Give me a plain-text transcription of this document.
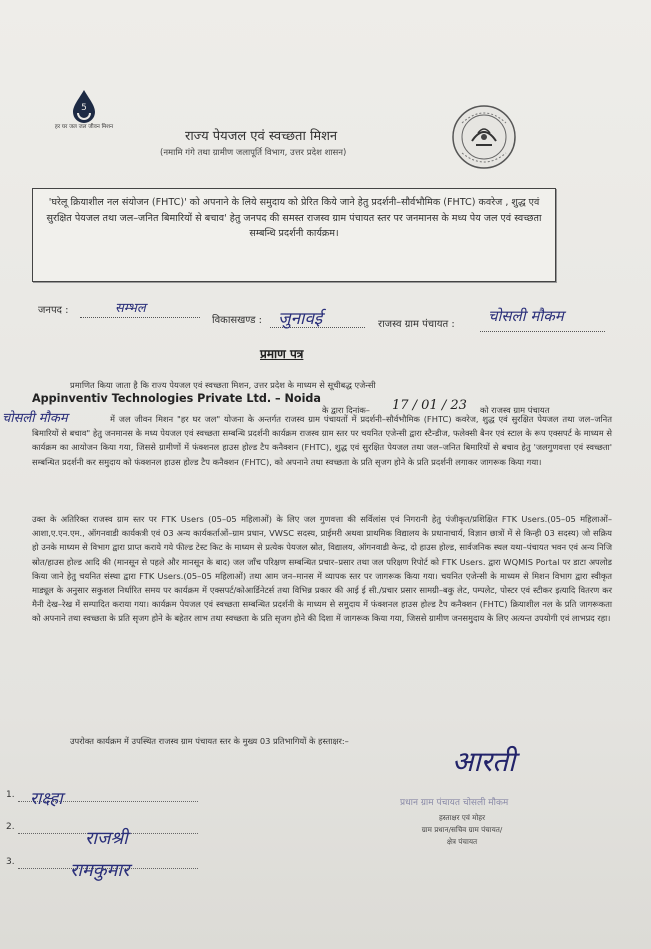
5
हर घर जल जल जीवन मिशन
राज्य पेयजल एवं स्वच्छता मिशन
(नमामि गंगे तथा ग्रामीण जलापूर्ति विभाग, उत्तर प्रदेश शासन)
'घरेलू क्रियाशील नल संयोजन (FHTC)' को अपनाने के लिये समुदाय को प्रेरित किये जाने हेतु प्रदर्शनी–सौर्वभौमिक (FHTC) कवरेज , शुद्ध एवं सुरक्षित पेयजल तथा जल–जनित बिमारियों से बचाव' हेतु जनपद की समस्त राजस्व ग्राम पंचायत स्तर पर जनमानस के मध्य पेय जल एवं स्वच्छता सम्बन्धि प्रदर्शनी कार्यक्रम।
जनपद :	सम्भल
विकासखण्ड : जुनावई	राजस्व ग्राम पंचायत : चोसली मौकम
प्रमाण पत्र
प्रमाणित किया जाता है कि राज्य पेयजल एवं स्वच्छता मिशन, उत्तर प्रदेश के माध्यम से सूचीबद्ध एजेन्सी
Appinventiv Technologies Private Ltd. – Noida
के द्वारा दिनांक– 17 / 01 / 23 को राजस्व ग्राम पंचायत
चोसली मौकम	में जल जीवन मिशन "हर घर जल" योजना के अन्तर्गत राजस्व ग्राम पंचायतों में प्रदर्शनी–सौर्वभौमिक (FHTC) कवरेज, शुद्ध एवं सुरक्षित पेयजल तथा जल–जनित बिमारियों से बचाव" हेतु जनमानस के मध्य पेयजल एवं स्वच्छता सम्बन्धि प्रदर्शनी कार्यक्रम राजस्व ग्राम स्तर पर चयनित एजेन्सी द्वारा स्टैन्डीज, फलेक्सी बैनर एवं स्टाल के रूप एक्सपर्ट के माध्यम से कार्यक्रम का आयोजन किया गया, जिससे ग्रामीणों में फंक्शनल हाउस होल्ड टैप कनैक्शन (FHTC), शुद्ध एवं सुरक्षित पेयजल तथा जल–जनित बिमारियों से बचाव हेतु 'जलगुणवत्ता एवं स्वच्छता' सम्बन्धित प्रदर्शनी कर समुदाय को फंक्शनल हाउस होल्ड टैप कनैक्शन (FHTC), को अपनाने तथा स्वच्छता के प्रति सृजग होने के प्रति प्रदर्शनी लगाकर जागरूक किया गया।
उक्त के अतिरिक्त राजस्व ग्राम स्तर पर FTK Users (05–05 महिलाओं) के लिए जल गुणवत्ता की सर्विलांस एवं निगरानी हेतु पंजीकृत/प्रशिक्षित FTK Users.(05–05 महिलाओं–आशा,ए.एन.एम., ऑगनवाडी कार्यकत्री एवं 03 अन्य कार्यकर्ताओं–ग्राम प्रधान, VWSC सदस्य, प्राईमरी अथवा प्राथमिक विद्यालय के प्रधानाचार्य, विज्ञान छात्रों में से किन्ही 03 सदस्य) जो सक्रिय हो उनके माध्यम से विभाग द्वारा प्राप्त कराये गये फील्ड टेस्ट किट के माध्यम से प्रत्येक पेयजल स्रोत, विद्यालय, ऑगनवाडी केन्द्र, दो हाउस होल्ड, सार्वजनिक स्थल यथा–पंचायत भवन एवं अन्य निजि स्रोत/हाउस होल्ड आदि की (मानसून से पहले और मानसून के बाद) जल जाँच परिक्षण सम्बन्धित प्रचार–प्रसार तथा जल परिक्षण रिपोर्ट को FTK Users. द्वारा WQMIS Portal पर डाटा अपलोड किया जाने हेतु चयनित संस्था द्वारा FTK Users.(05–05 महिलाओं) तथा आम जन–मानस में व्यापक स्तर पर जागरूक किया गया। चयनित एजेन्सी के माध्यम से मिशन विभाग द्वारा स्वीकृत माड्यूल के अनुसार सकुशल निर्धारित समय पर कार्यक्रम में एक्सपर्ट/कोआर्डिनेटर्स तथा विभिन्न प्रकार की आई ई सी./प्रचार प्रसार सामग्री–बकु लेट, पम्पलेट, पोस्टर एवं स्टीकर इत्यादि वितरण कर मैनी देख–रेख में सम्पादित कराया गया। कार्यक्रम पेयजल एवं स्वच्छता सम्बन्धित प्रदर्शनी के माध्यम से समुदाय में फंक्शनल हाउस होल्ड टैप कनैक्शन (FHTC) क्रियाशील नल के प्रति जागरूकता को अपनाने तथा स्वच्छता के प्रति सृजग होने के बहेतर लाभ तथा स्वच्छता के प्रति सृजग होने की दिशा में जागरूक किया गया, जिससे ग्रामीण जनसमुदाय के लिए अत्यन्त उपयोगी एवं लाभप्रद रहा।
उपरोक्त कार्यक्रम में उपस्थित राजस्व ग्राम पंचायत स्तर के मुख्य 03 प्रतिभागियों के हस्ताक्षर:–
1. राक्ष्हा
2.
राजश्री
3.	रामकुमार
आरती
प्रधान ग्राम पंचायत चोसली मौकम
हस्ताक्षर एवं मोहर
ग्राम प्रधान/सचिव ग्राम पंचायत/
क्षेत्र पंचायत
